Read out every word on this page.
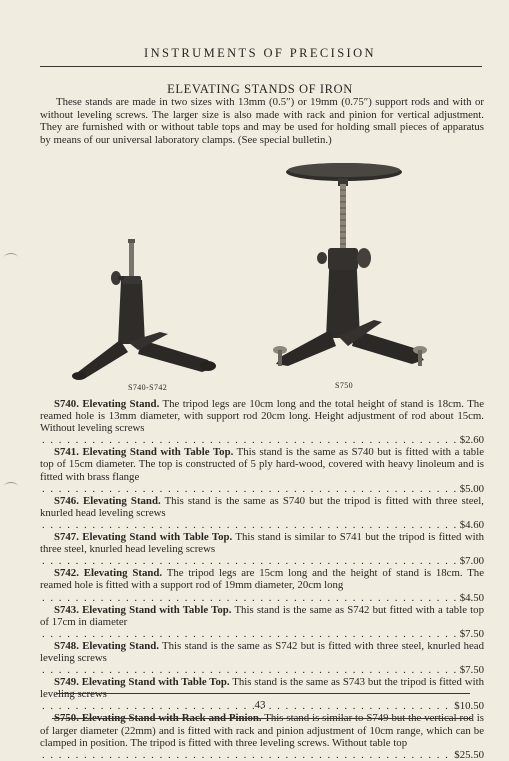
INSTRUMENTS OF PRECISION
ELEVATING STANDS OF IRON

These stands are made in two sizes with 13mm (0.5″) or 19mm (0.75″) support rods and with or without leveling screws. The larger size is also made with rack and pinion for vertical adjustment. They are furnished with or without table tops and may be used for holding small pieces of apparatus by means of our universal laboratory clamps. (See special bulletin.)

S740-S742	S750

S740. Elevating Stand. The tripod legs are 10cm long and the total height of stand is 18cm. The reamed hole is 13mm diameter, with support rod 20cm long. Height adjustment of rod about 15cm. Without leveling screws
. . .
$2.60

S741. Elevating Stand with Table Top. This stand is the same as S740 but is fitted with a table top of 15cm diameter. The top is constructed of 5 ply hard-wood, covered with heavy linoleum and is fitted with brass flange
. . .
$5.00

S746. Elevating Stand. This stand is the same as S740 but the tripod is fitted with three steel, knurled head leveling screws
. . .
$4.60

S747. Elevating Stand with Table Top. This stand is similar to S741 but the tripod is fitted with three steel, knurled head leveling screws
. . .
$7.00

S742. Elevating Stand. The tripod legs are 15cm long and the height of stand is 18cm. The reamed hole is fitted with a support rod of 19mm diameter, 20cm long
. . .
$4.50

S743. Elevating Stand with Table Top. This stand is the same as S742 but fitted with a table top of 17cm in diameter
. . .
$7.50

S748. Elevating Stand. This stand is the same as S742 but is fitted with three steel, knurled head leveling screws
. . .
$7.50

S749. Elevating Stand with Table Top. This stand is the same as S743 but the tripod is fitted with leveling screws
. . .
$10.50

S750. Elevating Stand with Rack and Pinion. This stand is similar to S749 but the vertical rod is of larger diameter (22mm) and is fitted with rack and pinion adjustment of 10cm range, which can be clamped in position. The tripod is fitted with three leveling screws. Without table top
. . .
$25.50

43
